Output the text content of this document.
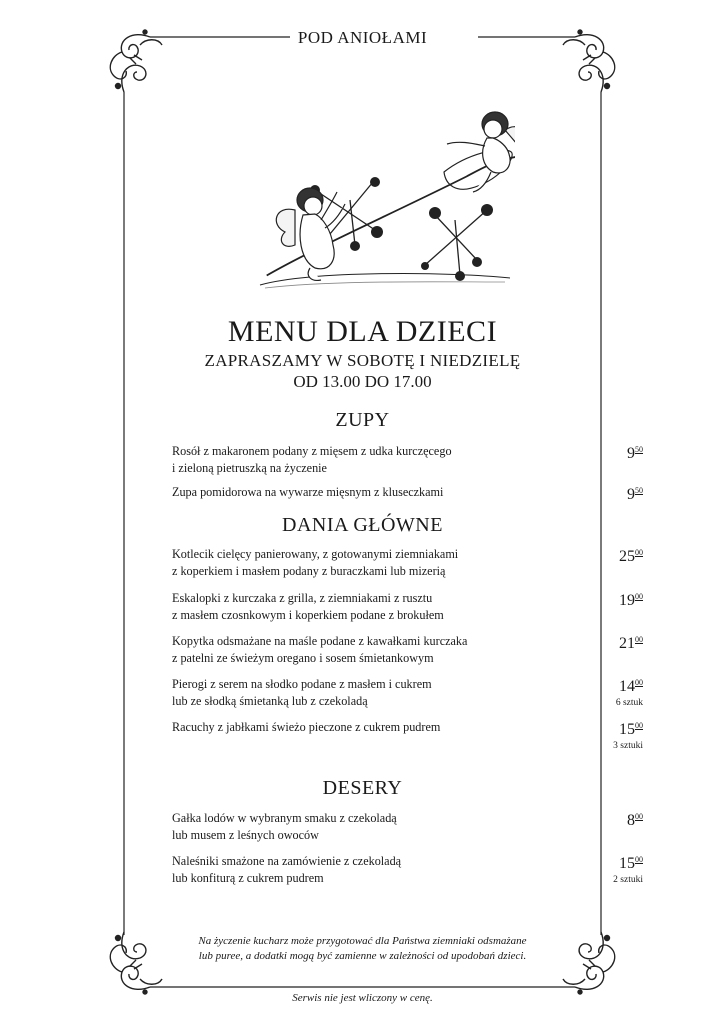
POD ANIOŁAMI
MENU DLA DZIECI
ZAPRASZAMY W SOBOTĘ I NIEDZIELĘ
OD 13.00 DO 17.00
ZUPY
Rosół z makaronem podany z mięsem z udka kurczęcego
i zieloną pietruszką na życzenie
$9^{50}$
Zupa pomidorowa na wywarze mięsnym z kluseczkami	$9^{50}$
DANIA GŁÓWNE
Kotlecik cielęcy panierowany, z gotowanymi ziemniakami
z koperkiem i masłem podany z buraczkami lub mizerią
$25^{00}$
Eskalopki z kurczaka z grilla, z ziemniakami z rusztu
z masłem czosnkowym i koperkiem podane z brokułem
$19^{00}$
Kopytka odsmażane na maśle podane z kawałkami kurczaka
z patelni ze świeżym oregano i sosem śmietankowym
$21^{00}$
Pierogi z serem na słodko podane z masłem i cukrem
lub ze słodką śmietanką lub z czekoladą
$14^{00}$
6 sztuk
Racuchy z jabłkami świeżo pieczone z cukrem pudrem	$15^{00}$
3 sztuki
DESERY
Gałka lodów w wybranym smaku z czekoladą
lub musem z leśnych owoców
$8^{00}$
Naleśniki smażone na zamówienie z czekoladą
lub konfiturą z cukrem pudrem
$15^{00}$
2 sztuki
Na życzenie kucharz może przygotować dla Państwa ziemniaki odsmażane
lub puree, a dodatki mogą być zamienne w zależności od upodobań dzieci.
Serwis nie jest wliczony w cenę.
